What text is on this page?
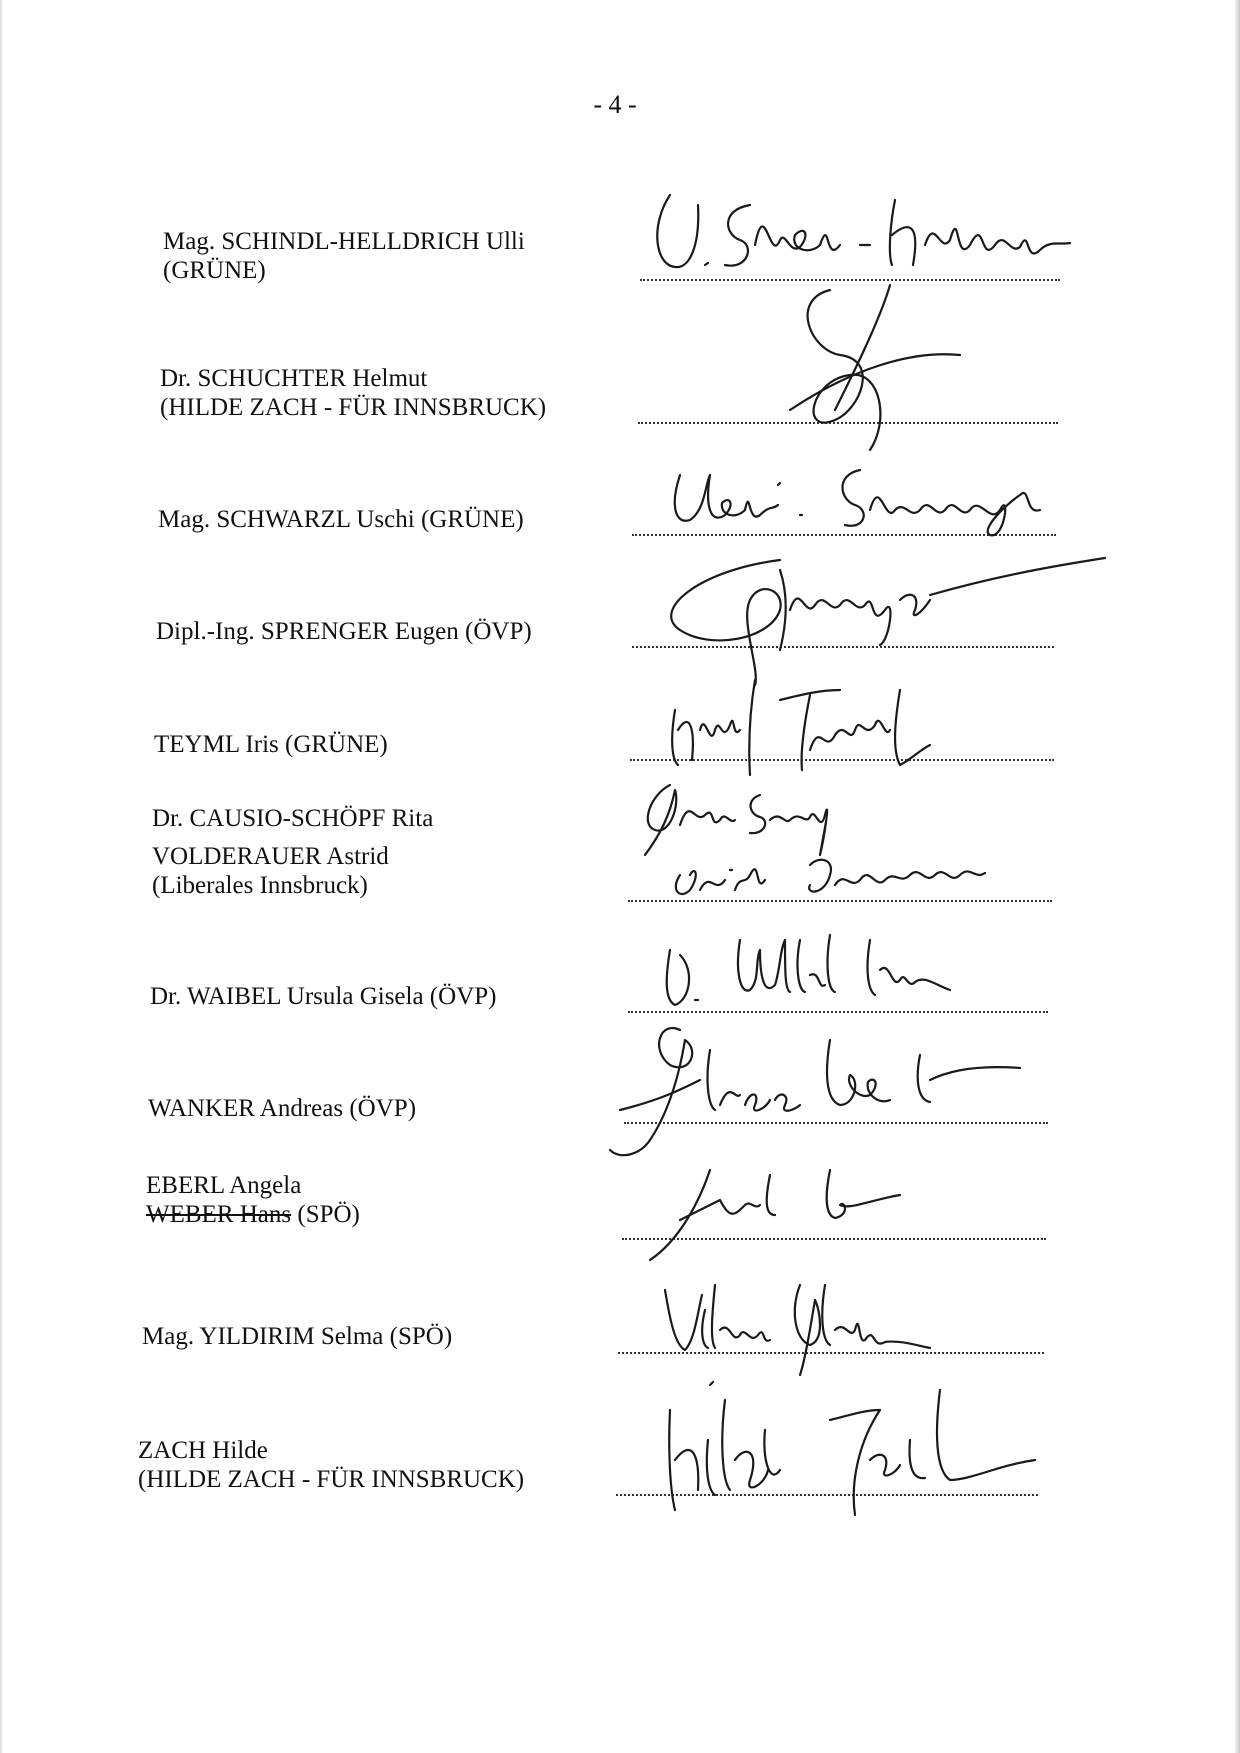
- 4 -
Mag. SCHINDL-HELLDRICH Ulli
(GRÜNE)
Dr. SCHUCHTER Helmut
(HILDE ZACH - FÜR INNSBRUCK)
Mag. SCHWARZL Uschi (GRÜNE)
Dipl.-Ing. SPRENGER Eugen (ÖVP)
TEYML Iris (GRÜNE)
Dr. CAUSIO-SCHÖPF Rita
VOLDERAUER Astrid
(Liberales Innsbruck)
Dr. WAIBEL Ursula Gisela (ÖVP)
WANKER Andreas (ÖVP)
EBERL Angela
WEBER Hans (SPÖ)
Mag. YILDIRIM Selma (SPÖ)
ZACH Hilde
(HILDE ZACH - FÜR INNSBRUCK)
